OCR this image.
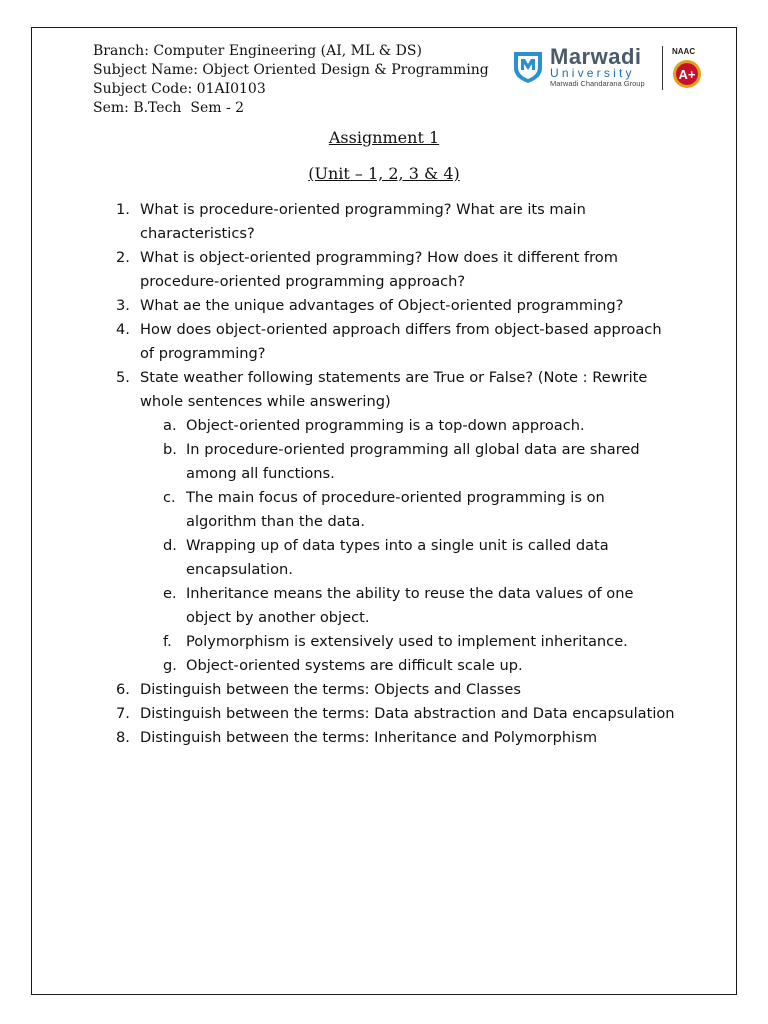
Branch: Computer Engineering (AI, ML & DS)
Subject Name: Object Oriented Design & Programming
Subject Code: 01AI0103
Sem: B.Tech  Sem - 2
Marwadi
University
Marwadi Chandarana Group
NAAC
A+
Assignment 1
(Unit – 1, 2, 3 & 4)
1. What is procedure-oriented programming? What are its main
characteristics?
2. What is object-oriented programming? How does it different from
procedure-oriented programming approach?
3. What ae the unique advantages of Object-oriented programming?
4. How does object-oriented approach differs from object-based approach
of programming?
5. State weather following statements are True or False? (Note : Rewrite
whole sentences while answering)
a. Object-oriented programming is a top-down approach.
b. In procedure-oriented programming all global data are shared
among all functions.
c. The main focus of procedure-oriented programming is on
algorithm than the data.
d. Wrapping up of data types into a single unit is called data
encapsulation.
e. Inheritance means the ability to reuse the data values of one
object by another object.
f. Polymorphism is extensively used to implement inheritance.
g. Object-oriented systems are difficult scale up.
6. Distinguish between the terms: Objects and Classes
7. Distinguish between the terms: Data abstraction and Data encapsulation
8. Distinguish between the terms: Inheritance and Polymorphism
